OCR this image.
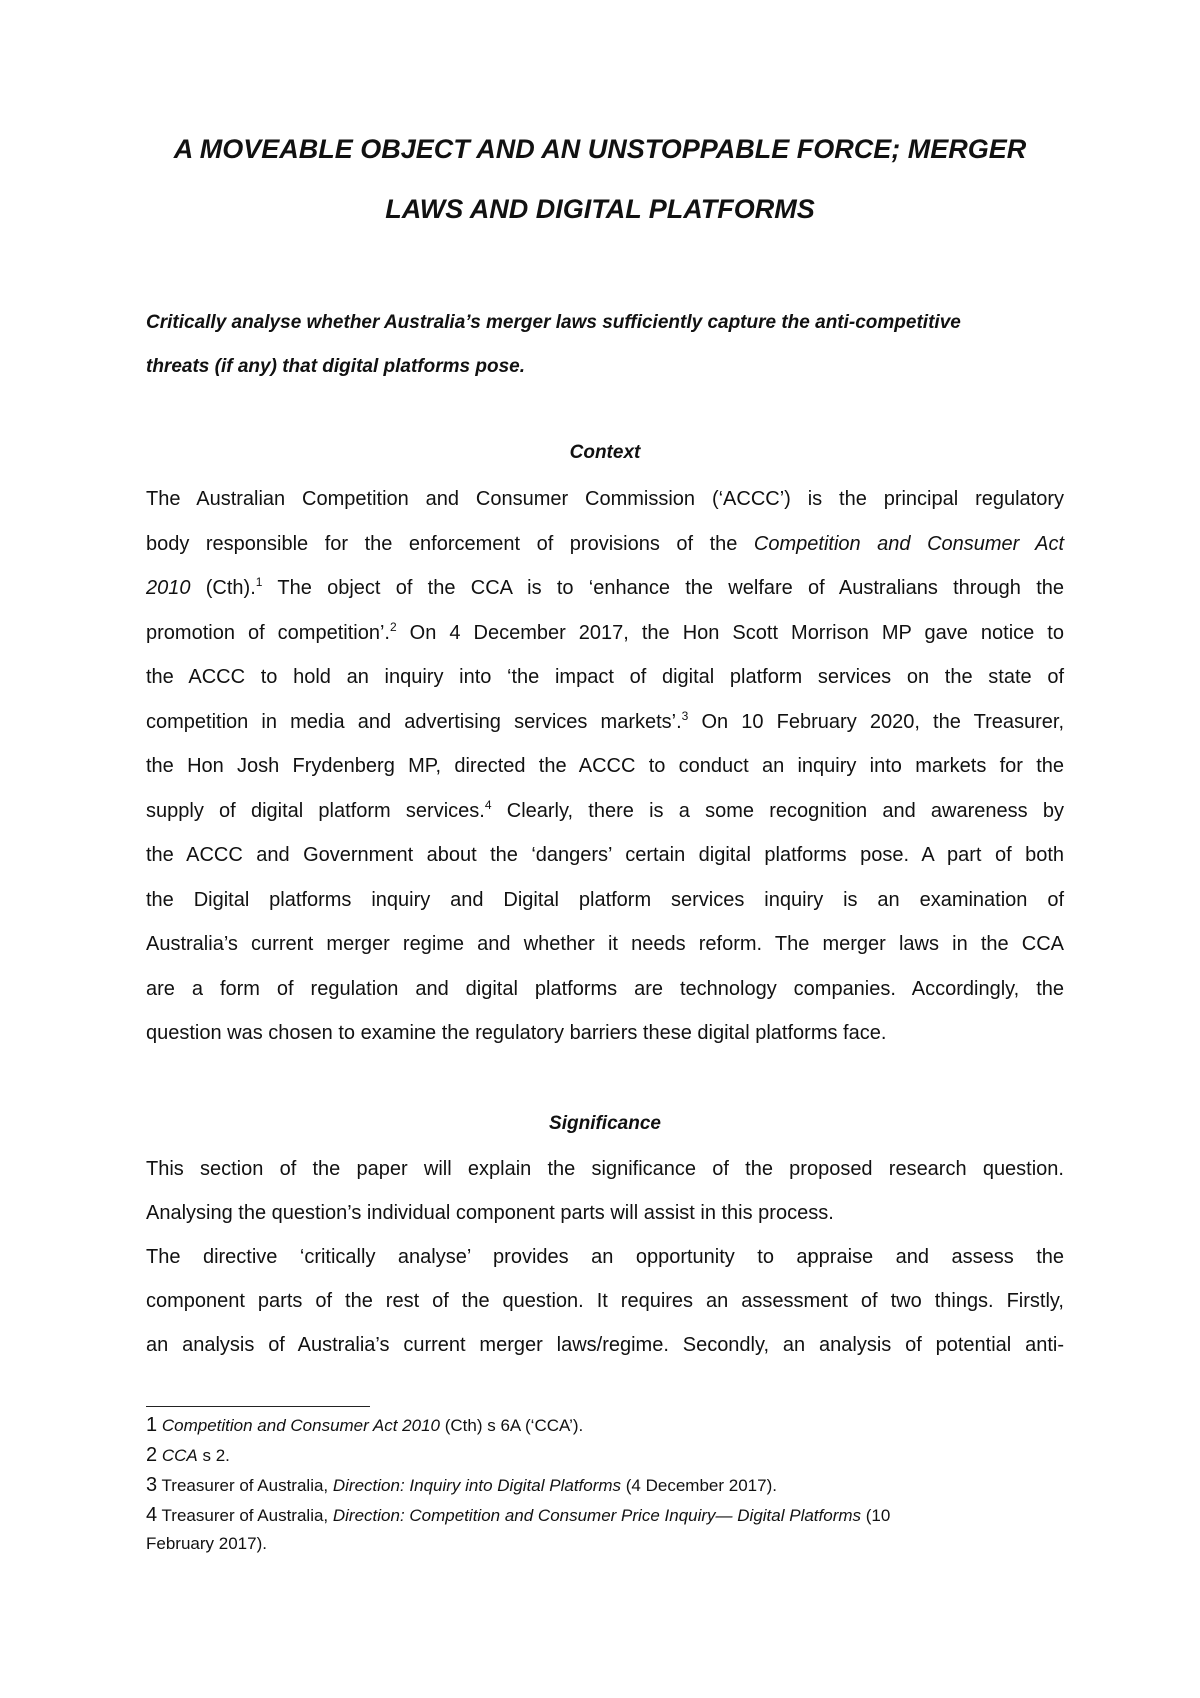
A MOVEABLE OBJECT AND AN UNSTOPPABLE FORCE; MERGER
LAWS AND DIGITAL PLATFORMS
Critically analyse whether Australia’s merger laws sufficiently capture the anti-competitive
threats (if any) that digital platforms pose.
Context
The Australian Competition and Consumer Commission (‘ACCC’) is the principal regulatory
body responsible for the enforcement of provisions of the Competition and Consumer Act
2010 (Cth).$^1$ The object of the CCA is to ‘enhance the welfare of Australians through the
promotion of competition’.$^2$ On 4 December 2017, the Hon Scott Morrison MP gave notice to
the ACCC to hold an inquiry into ‘the impact of digital platform services on the state of
competition in media and advertising services markets’.$^3$ On 10 February 2020, the Treasurer,
the Hon Josh Frydenberg MP, directed the ACCC to conduct an inquiry into markets for the
supply of digital platform services.$^4$ Clearly, there is a some recognition and awareness by
the ACCC and Government about the ‘dangers’ certain digital platforms pose. A part of both
the Digital platforms inquiry and Digital platform services inquiry is an examination of
Australia’s current merger regime and whether it needs reform. The merger laws in the CCA
are a form of regulation and digital platforms are technology companies. Accordingly, the
question was chosen to examine the regulatory barriers these digital platforms face.
Significance
This section of the paper will explain the significance of the proposed research question.
Analysing the question’s individual component parts will assist in this process.
The directive ‘critically analyse’ provides an opportunity to appraise and assess the
component parts of the rest of the question. It requires an assessment of two things. Firstly,
an analysis of Australia’s current merger laws/regime. Secondly, an analysis of potential anti-
1 Competition and Consumer Act 2010 (Cth) s 6A (‘CCA’).
2 CCA s 2.
3 Treasurer of Australia, Direction: Inquiry into Digital Platforms (4 December 2017).
4 Treasurer of Australia, Direction: Competition and Consumer Price Inquiry— Digital Platforms (10
February 2017).
